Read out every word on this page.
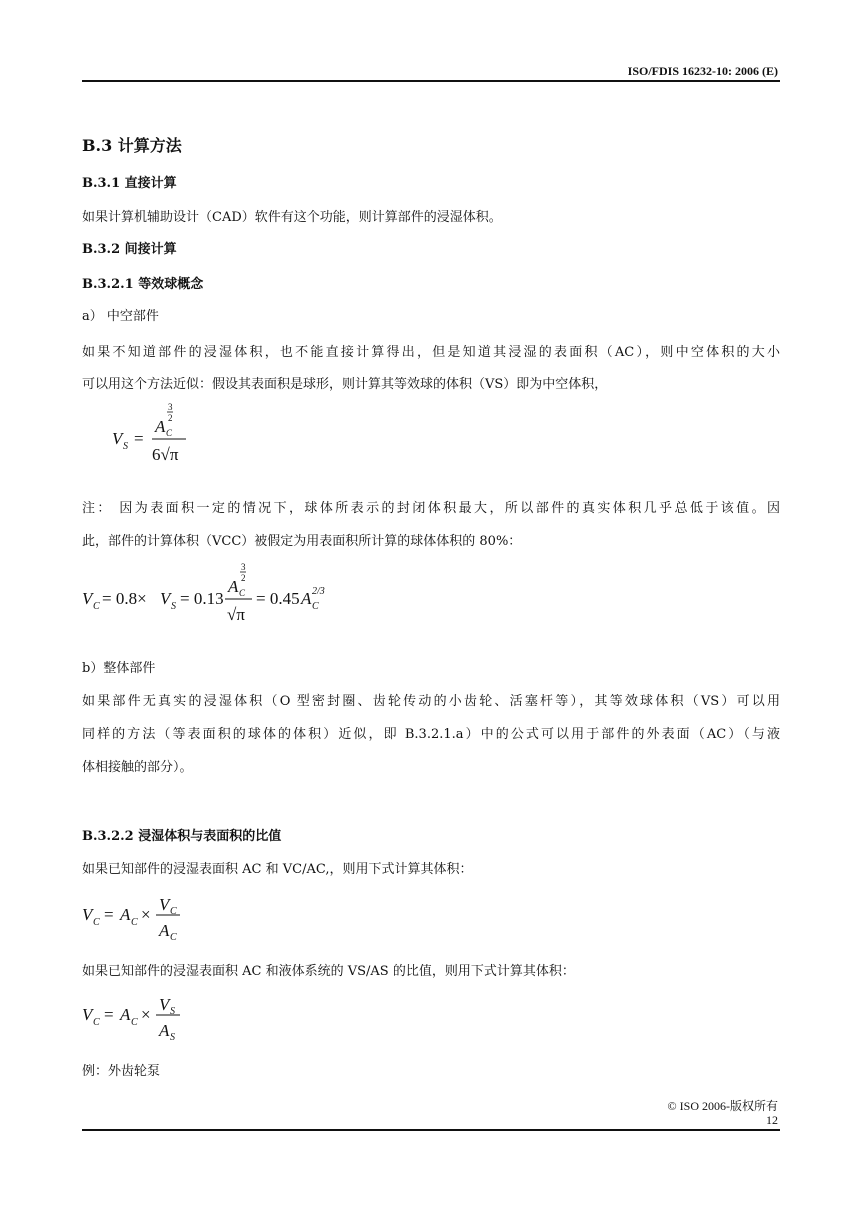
ISO/FDIS 16232-10: 2006 (E)
B.3 计算方法
B.3.1 直接计算
如果计算机辅助设计（CAD）软件有这个功能，则计算部件的浸湿体积。
B.3.2 间接计算
B.3.2.1 等效球概念
a） 中空部件
如果不知道部件的浸湿体积，也不能直接计算得出，但是知道其浸湿的表面积（AC），则中空体积的大小
可以用这个方法近似：假设其表面积是球形，则计算其等效球的体积（VS）即为中空体积，
V S =
A C
3
2
6√π
注： 因为表面积一定的情况下，球体所表示的封闭体积最大，所以部件的真实体积几乎总低于该值。因
此，部件的计算体积（VCC）被假定为用表面积所计算的球体体积的 80%：
V C = 0.8× V S = 0.13
A C
3
2
√π
= 0.45 A C
2/3
b）整体部件
如果部件无真实的浸湿体积（O 型密封圈、齿轮传动的小齿轮、活塞杆等），其等效球体积（VS）可以用
同样的方法（等表面积的球体的体积）近似，即 B.3.2.1.a）中的公式可以用于部件的外表面（AC）（与液
体相接触的部分）。
B.3.2.2 浸湿体积与表面积的比值
如果已知部件的浸湿表面积 AC 和 VC/AC,，则用下式计算其体积：
V C = A C ×
V C
A C
如果已知部件的浸湿表面积 AC 和液体系统的 VS/AS 的比值，则用下式计算其体积：
V C = A C ×
V S
A S
例：外齿轮泵
© ISO 2006-版权所有
12
